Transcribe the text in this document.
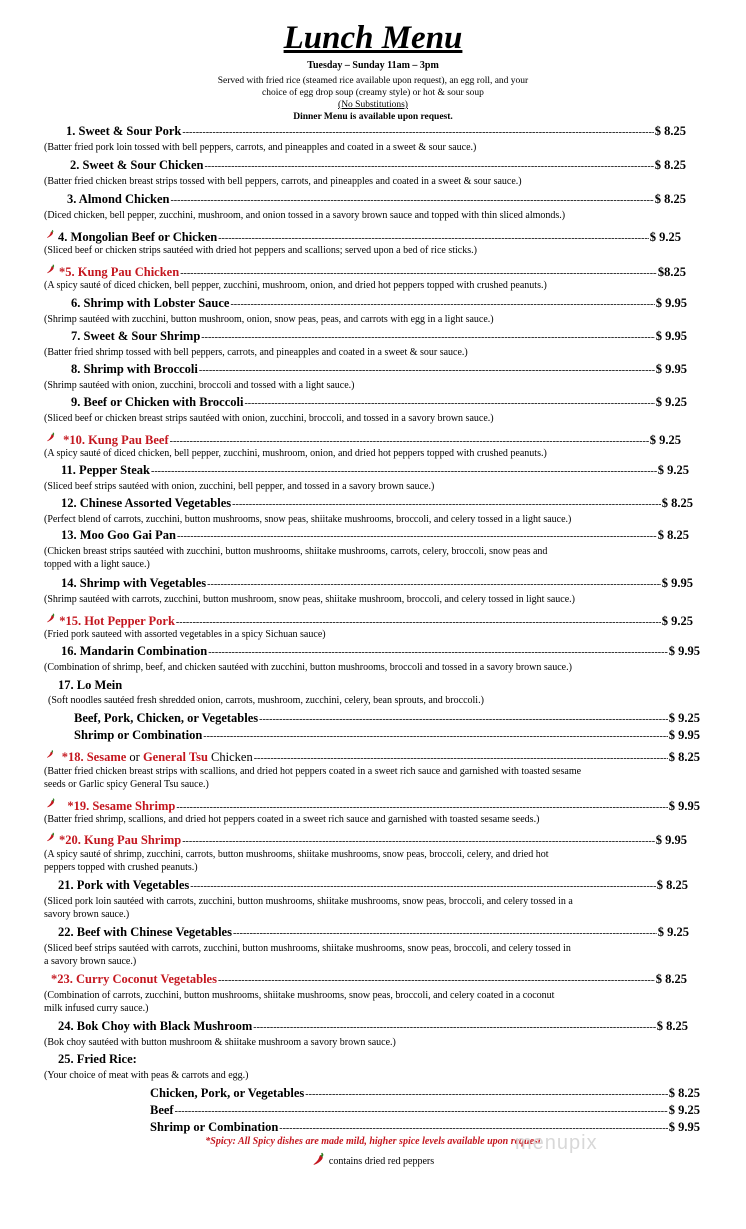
Lunch Menu
Tuesday – Sunday 11am – 3pm
Served with fried rice (steamed rice available upon request), an egg roll, and your
choice of egg drop soup (creamy style) or hot & sour soup
(No Substitutions)
Dinner Menu is available upon request.
1. Sweet & Sour Pork -----	$ 8.25
(Batter fried pork loin tossed with bell peppers, carrots, and pineapples and coated in a sweet & sour sauce.)
2. Sweet & Sour Chicken -----	$ 8.25
(Batter fried chicken breast strips tossed with bell peppers, carrots, and pineapples and coated in a sweet & sour sauce.)
3. Almond Chicken -----	$ 8.25
(Diced chicken, bell pepper, zucchini, mushroom, and onion tossed in a savory brown sauce and topped with thin sliced almonds.)
4. Mongolian Beef or Chicken -----	$ 9.25
(Sliced beef or chicken strips sautéed with dried hot peppers and scallions; served upon a bed of rice sticks.)
*5. Kung Pau Chicken -----	$8.25
(A spicy sauté of diced chicken, bell pepper, zucchini, mushroom, onion, and dried hot peppers topped with crushed peanuts.)
6. Shrimp with Lobster Sauce -----	$ 9.95
(Shrimp sautéed with zucchini, button mushroom, onion, snow peas, peas, and carrots with egg in a light sauce.)
7. Sweet & Sour Shrimp -----	$ 9.95
(Batter fried shrimp tossed with bell peppers, carrots, and pineapples and coated in a sweet & sour sauce.)
8. Shrimp with Broccoli -----	$ 9.95
(Shrimp sautéed with onion, zucchini, broccoli and tossed with a light sauce.)
9. Beef or Chicken with Broccoli -----	$ 9.25
(Sliced beef or chicken breast strips sautéed with onion, zucchini, broccoli, and tossed in a savory brown sauce.)
*10. Kung Pau Beef -----	$ 9.25
(A spicy sauté of diced chicken, bell pepper, zucchini, mushroom, onion, and dried hot peppers topped with crushed peanuts.)
11. Pepper Steak -----	$ 9.25
(Sliced beef strips sautéed with onion, zucchini, bell pepper, and tossed in a savory brown sauce.)
12. Chinese Assorted Vegetables -----	$ 8.25
(Perfect blend of carrots, zucchini, button mushrooms, snow peas, shiitake mushrooms, broccoli, and celery tossed in a light sauce.)
13. Moo Goo Gai Pan -----	$ 8.25
(Chicken breast strips sautéed with zucchini, button mushrooms, shiitake mushrooms, carrots, celery, broccoli, snow peas and
topped with a light sauce.)
14. Shrimp with Vegetables -----	$ 9.95
(Shrimp sautéed with carrots, zucchini, button mushroom, snow peas, shiitake mushroom, broccoli, and celery tossed in light sauce.)
*15. Hot Pepper Pork -----	$ 9.25
(Fried pork sauteed with assorted vegetables in a spicy Sichuan sauce)
16. Mandarin Combination -----	$ 9.95
(Combination of shrimp, beef, and chicken sautéed with zucchini, button mushrooms, broccoli and tossed in a savory brown sauce.)
17. Lo Mein
(Soft noodles sautéed fresh shredded onion, carrots, mushroom, zucchini, celery, bean sprouts, and broccoli.)
Beef, Pork, Chicken, or Vegetables -----	$ 9.25
Shrimp or Combination -----	$ 9.95
*18. Sesame or General Tsu Chicken -----	$ 8.25
(Batter fried chicken breast strips with scallions, and dried hot peppers coated in a sweet rich sauce and garnished with toasted sesame
seeds or Garlic spicy General Tsu sauce.)
*19. Sesame Shrimp -----	$ 9.95
(Batter fried shrimp, scallions, and dried hot peppers coated in a sweet rich sauce and garnished with toasted sesame seeds.)
*20. Kung Pau Shrimp -----	$ 9.95
(A spicy sauté of shrimp, zucchini, carrots, button mushrooms, shiitake mushrooms, snow peas, broccoli, celery, and dried hot
peppers topped with crushed peanuts.)
21. Pork with Vegetables -----	$ 8.25
(Sliced pork loin sautéed with carrots, zucchini, button mushrooms, shiitake mushrooms, snow peas, broccoli, and celery tossed in a
savory brown sauce.)
22. Beef with Chinese Vegetables -----	$ 9.25
(Sliced beef strips sautéed with carrots, zucchini, button mushrooms, shiitake mushrooms, snow peas, broccoli, and celery tossed in
a savory brown sauce.)
*23. Curry Coconut Vegetables -----	$ 8.25
(Combination of carrots, zucchini, button mushrooms, shiitake mushrooms, snow peas, broccoli, and celery coated in a coconut
milk infused curry sauce.)
24. Bok Choy with Black Mushroom -----	$ 8.25
(Bok choy sautéed with button mushroom & shiitake mushroom a savory brown sauce.)
25. Fried Rice:
(Your choice of meat with peas & carrots and egg.)
Chicken, Pork, or Vegetables -----	$ 8.25
Beef -----	$ 9.25
Shrimp or Combination -----	$ 9.95
*Spicy: All Spicy dishes are made mild, higher spice levels available upon request
contains dried red peppers
menupix
